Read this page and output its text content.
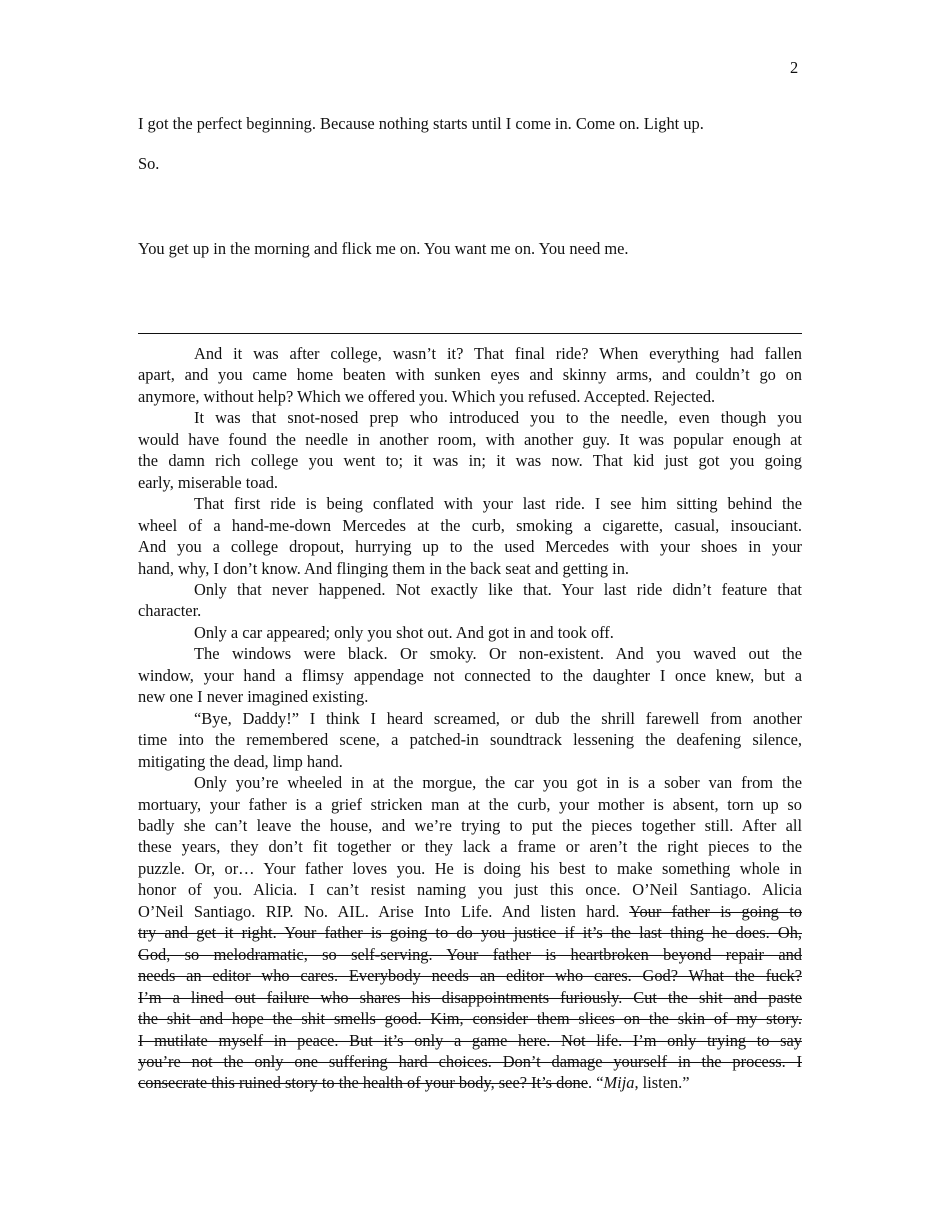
2
I got the perfect beginning. Because nothing starts until I come in. Come on. Light up.
So.
You get up in the morning and flick me on. You want me on. You need me.
And it was after college, wasn’t it? That final ride? When everything had fallen
apart, and you came home beaten with sunken eyes and skinny arms, and couldn’t go on
anymore, without help? Which we offered you. Which you refused. Accepted. Rejected.
It was that snot-nosed prep who introduced you to the needle, even though you
would have found the needle in another room, with another guy. It was popular enough at
the damn rich college you went to; it was in; it was now. That kid just got you going
early, miserable toad.
That first ride is being conflated with your last ride. I see him sitting behind the
wheel of a hand-me-down Mercedes at the curb, smoking a cigarette, casual, insouciant.
And you a college dropout, hurrying up to the used Mercedes with your shoes in your
hand, why, I don’t know. And flinging them in the back seat and getting in.
Only that never happened. Not exactly like that. Your last ride didn’t feature that
character.
Only a car appeared; only you shot out. And got in and took off.
The windows were black. Or smoky. Or non-existent. And you waved out the
window, your hand a flimsy appendage not connected to the daughter I once knew, but a
new one I never imagined existing.
“Bye, Daddy!” I think I heard screamed, or dub the shrill farewell from another
time into the remembered scene, a patched-in soundtrack lessening the deafening silence,
mitigating the dead, limp hand.
Only you’re wheeled in at the morgue, the car you got in is a sober van from the
mortuary, your father is a grief stricken man at the curb, your mother is absent, torn up so
badly she can’t leave the house, and we’re trying to put the pieces together still. After all
these years, they don’t fit together or they lack a frame or aren’t the right pieces to the
puzzle. Or, or… Your father loves you. He is doing his best to make something whole in
honor of you. Alicia. I can’t resist naming you just this once. O’Neil Santiago. Alicia
O’Neil Santiago. RIP. No. AIL. Arise Into Life. And listen hard. Your father is going to
try and get it right. Your father is going to do you justice if it’s the last thing he does. Oh,
God, so melodramatic, so self-serving. Your father is heartbroken beyond repair and
needs an editor who cares. Everybody needs an editor who cares. God? What the fuck?
I’m a lined out failure who shares his disappointments furiously. Cut the shit and paste
the shit and hope the shit smells good. Kim, consider them slices on the skin of my story.
I mutilate myself in peace. But it’s only a game here. Not life. I’m only trying to say
you’re not the only one suffering hard choices. Don’t damage yourself in the process. I
consecrate this ruined story to the health of your body, see? It’s done. “Mija, listen.”
